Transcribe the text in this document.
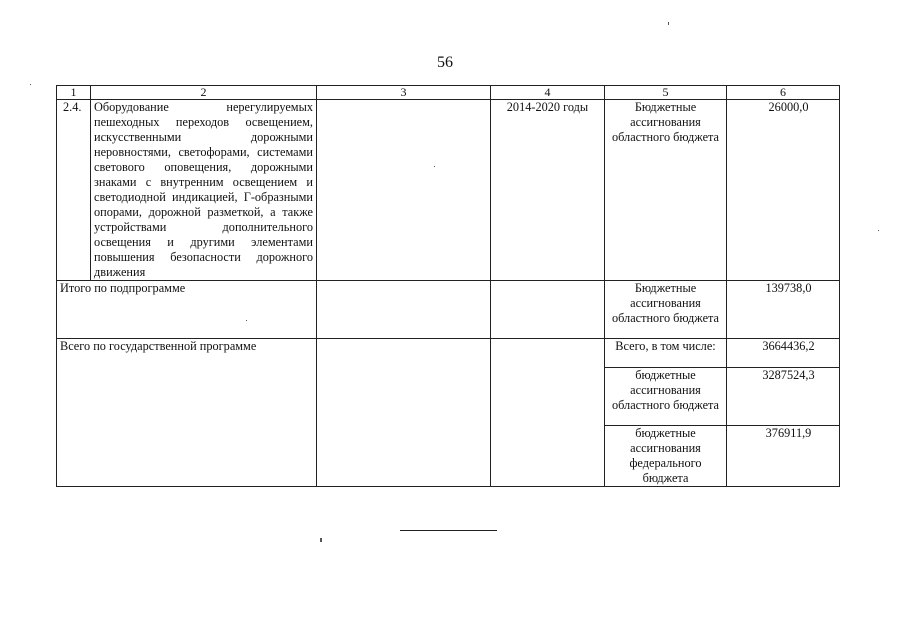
56
1	2	3	4	5	6
2.4.	Оборудование нерегулируемых пешеходных переходов освещением, искусственными дорожными неровностями, светофорами, системами светового оповещения, дорожными знаками с внутренним освещением и светодиодной индикацией, Г-образными опорами, дорожной разметкой, а также устройствами дополнительного освещения и другими элементами повышения безопасности дорожного движения		2014-2020 годы	Бюджетные ассигнования областного бюджета	26000,0
Итого по подпрограмме				Бюджетные ассигнования областного бюджета	139738,0
Всего по государственной программе				Всего, в том числе:	3664436,2
				бюджетные ассигнования областного бюджета	3287524,3
				бюджетные ассигнования федерального бюджета	376911,9
